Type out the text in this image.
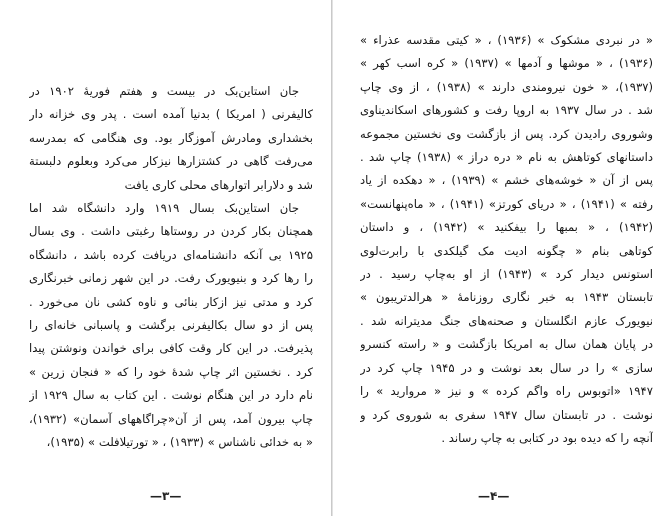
جان استاین‌بک در بیست و هفتم فوریهٔ ۱۹۰۲ در
کالیفرنی ( امریکا ) بدنیا آمده است . پدر وی خزانه دار
بخشداری ومادرش آموزگار بود. وی هنگامی که بمدرسه
می‌رفت گاهی در کشتزارها نیزکار می‌کرد وبعلوم دلبستة
شد و دلارابر اتوارهای محلی کاری یافت
جان استاین‌بک بسال ۱۹۱۹ وارد دانشگاه شد اما
همچنان بکار کردن در روستاها رغبتی داشت . وی بسال
۱۹۲۵ بی آنکه دانشنامه‌ای دریافت کرده باشد ، دانشگاه
را رها کرد و بنیویورک رفت. در این شهر زمانی خبرنگاری
کرد و مدتی نیز ازکار بنائی و ناوه کشی نان می‌خورد .
پس از دو سال بکالیفرنی برگشت و پاسبانی خانه‌ای را
پذیرفت. در این کار وقت کافی برای خواندن ونوشتن پیدا
کرد . نخستین اثر چاپ شدهٔ خود را که « فنجان زرین »
نام دارد در این هنگام نوشت . این کتاب به سال ۱۹۲۹ از
چاپ بیرون آمد، پس از آن«چراگاههای آسمان» (۱۹۳۲)،
« به خدائی ناشناس » (۱۹۳۳) ، « تورتیلافلت » (۱۹۳۵)،
—۳—
« در نبردی مشکوک » (۱۹۳۶) ، « کیتی مقدسه عذراء »
(۱۹۳۶) ، « موشها و آدمها » (۱۹۳۷) « کره اسب کهر »
(۱۹۳۷)، « خون نیرومندی دارند » (۱۹۳۸) ، از وی چاپ
شد . در سال ۱۹۳۷ به اروپا رفت و کشورهای اسکاندیناوی
وشوروی رادیدن کرد. پس از بازگشت وی نخستین مجموعه
داستانهای کوتاهش به نام « دره دراز » (۱۹۳۸) چاپ شد .
پس از آن « خوشه‌های خشم » (۱۹۳۹) ، « دهکده از یاد
رفته » (۱۹۴۱) ، « دریای کورتز» (۱۹۴۱) ، « ماه‌پنهانست»
(۱۹۴۲) ، « بمبها را بیفکنید » (۱۹۴۲) ، و داستان
کوتاهی بنام « چگونه ادیت مک گیلکدی با رابرت‌لوی
استونس دیدار کرد » (۱۹۴۳) از او به‌چاپ رسید . در
تابستان ۱۹۴۳ به خبر نگاری روزنامهٔ « هرالدتریبون »
نیویورک عازم انگلستان و صحنه‌های جنگ مدیترانه شد .
در پایان همان سال به امریکا بازگشت و « راسته کنسرو
سازی » را در سال بعد نوشت و در ۱۹۴۵ چاپ کرد در
۱۹۴۷ «اتوبوس راه واگم کرده » و نیز « مروارید » را
نوشت . در تابستان سال ۱۹۴۷ سفری به شوروی کرد و
آنچه را که دیده بود در کتابی به چاپ رساند .
—۴—
